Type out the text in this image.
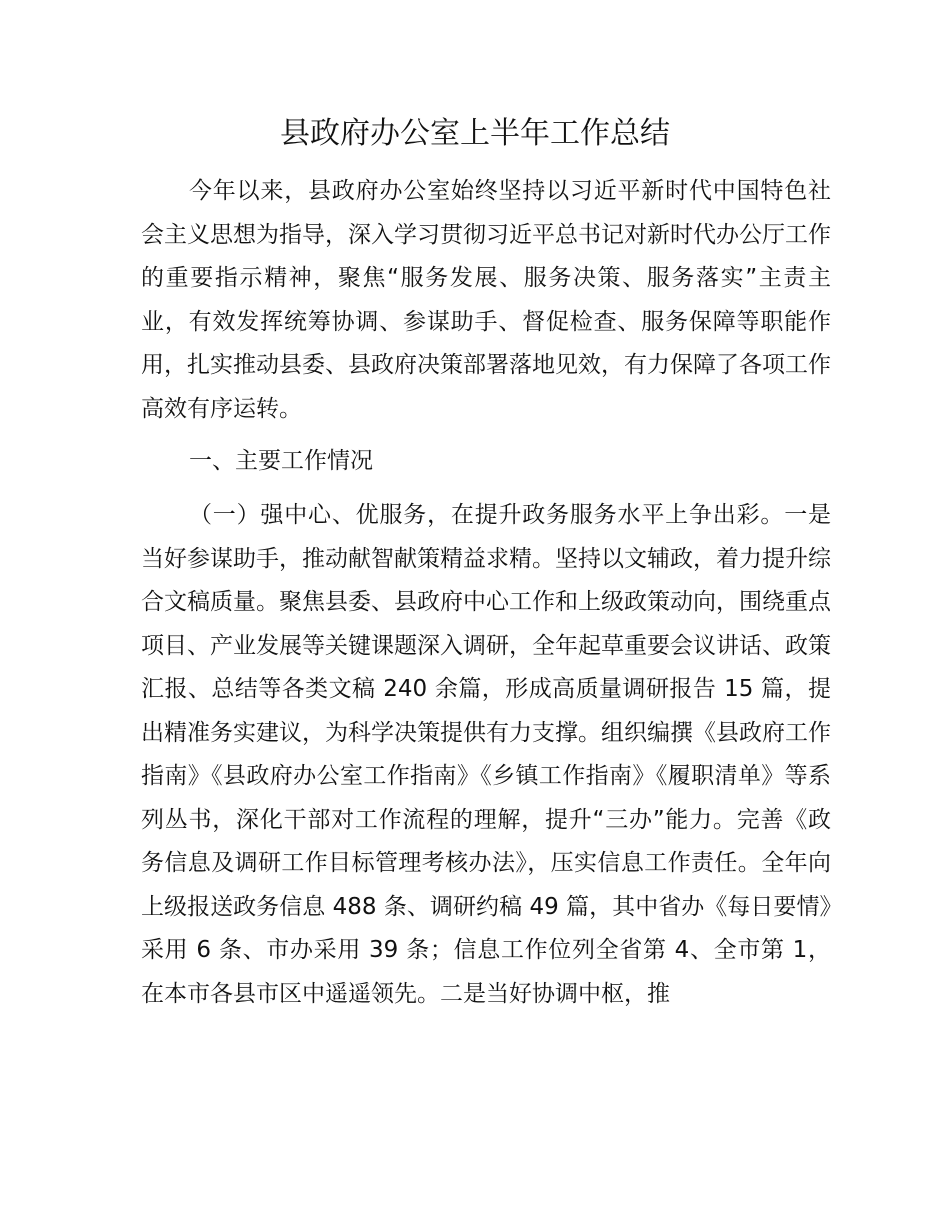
县政府办公室上半年工作总结

今年以来，县政府办公室始终坚持以习近平新时代中国特色社会主义思想为指导，深入学习贯彻习近平总书记对新时代办公厅工作的重要指示精神，聚焦“服务发展、服务决策、服务落实”主责主业，有效发挥统筹协调、参谋助手、督促检查、服务保障等职能作用，扎实推动县委、县政府决策部署落地见效，有力保障了各项工作高效有序运转。

一、主要工作情况

（一）强中心、优服务，在提升政务服务水平上争出彩。一是当好参谋助手，推动献智献策精益求精。坚持以文辅政，着力提升综合文稿质量。聚焦县委、县政府中心工作和上级政策动向，围绕重点项目、产业发展等关键课题深入调研，全年起草重要会议讲话、政策汇报、总结等各类文稿 240 余篇，形成高质量调研报告 15 篇，提出精准务实建议，为科学决策提供有力支撑。组织编撰《县政府工作指南》《县政府办公室工作指南》《乡镇工作指南》《履职清单》等系列丛书，深化干部对工作流程的理解，提升“三办”能力。完善《政务信息及调研工作目标管理考核办法》，压实信息工作责任。全年向上级报送政务信息 488 条、调研约稿 49 篇，其中省办《每日要情》采用 6 条、市办采用 39 条；信息工作位列全省第 4、全市第 1，在本市各县市区中遥遥领先。二是当好协调中枢，推
